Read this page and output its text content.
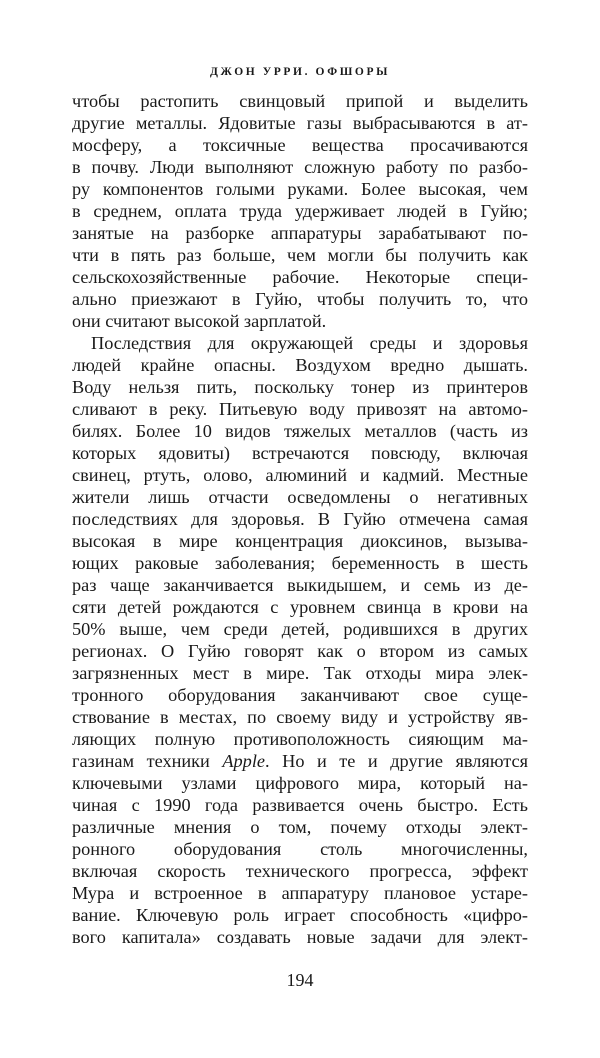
ДЖОН УРРИ. ОФШОРЫ
чтобы растопить свинцовый припой и выделить
другие металлы. Ядовитые газы выбрасываются в ат-
мосферу, а токсичные вещества просачиваются
в почву. Люди выполняют сложную работу по разбо-
ру компонентов голыми руками. Более высокая, чем
в среднем, оплата труда удерживает людей в Гуйю;
занятые на разборке аппаратуры зарабатывают по-
чти в пять раз больше, чем могли бы получить как
сельскохозяйственные рабочие. Некоторые специ-
ально приезжают в Гуйю, чтобы получить то, что
они считают высокой зарплатой.
Последствия для окружающей среды и здоровья
людей крайне опасны. Воздухом вредно дышать.
Воду нельзя пить, поскольку тонер из принтеров
сливают в реку. Питьевую воду привозят на автомо-
билях. Более 10 видов тяжелых металлов (часть из
которых ядовиты) встречаются повсюду, включая
свинец, ртуть, олово, алюминий и кадмий. Местные
жители лишь отчасти осведомлены о негативных
последствиях для здоровья. В Гуйю отмечена самая
высокая в мире концентрация диоксинов, вызыва-
ющих раковые заболевания; беременность в шесть
раз чаще заканчивается выкидышем, и семь из де-
сяти детей рождаются с уровнем свинца в крови на
50% выше, чем среди детей, родившихся в других
регионах. О Гуйю говорят как о втором из самых
загрязненных мест в мире. Так отходы мира элек-
тронного оборудования заканчивают свое суще-
ствование в местах, по своему виду и устройству яв-
ляющих полную противоположность сияющим ма-
газинам техники Apple. Но и те и другие являются
ключевыми узлами цифрового мира, который на-
чиная с 1990 года развивается очень быстро. Есть
различные мнения о том, почему отходы элект-
ронного оборудования столь многочисленны,
включая скорость технического прогресса, эффект
Мура и встроенное в аппаратуру плановое устаре-
вание. Ключевую роль играет способность «цифро-
вого капитала» создавать новые задачи для элект-
194
